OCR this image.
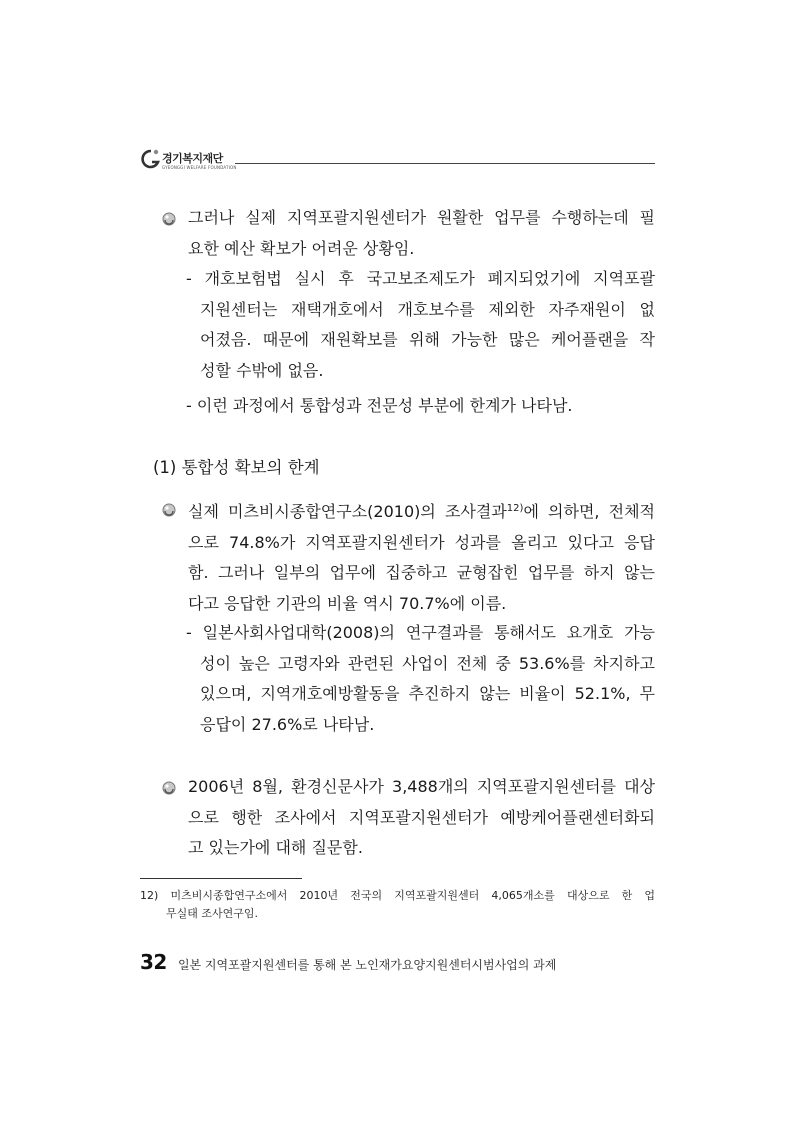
경기복지재단
GYEONGGI WELFARE FOUNDATION
그러나 실제 지역포괄지원센터가 원활한 업무를 수행하는데 필
요한 예산 확보가 어려운 상황임.
- 개호보험법 실시 후 국고보조제도가 폐지되었기에 지역포괄
지원센터는 재택개호에서 개호보수를 제외한 자주재원이 없
어졌음. 때문에 재원확보를 위해 가능한 많은 케어플랜을 작
성할 수밖에 없음.
- 이런 과정에서 통합성과 전문성 부분에 한계가 나타남.
(1) 통합성 확보의 한계
실제 미츠비시종합연구소(2010)의 조사결과$^{12)}$에 의하면, 전체적
으로 74.8%가 지역포괄지원센터가 성과를 올리고 있다고 응답
함. 그러나 일부의 업무에 집중하고 균형잡힌 업무를 하지 않는
다고 응답한 기관의 비율 역시 70.7%에 이름.
- 일본사회사업대학(2008)의 연구결과를 통해서도 요개호 가능
성이 높은 고령자와 관련된 사업이 전체 중 53.6%를 차지하고
있으며, 지역개호예방활동을 추진하지 않는 비율이 52.1%, 무
응답이 27.6%로 나타남.
2006년 8월, 환경신문사가 3,488개의 지역포괄지원센터를 대상
으로 행한 조사에서 지역포괄지원센터가 예방케어플랜센터화되
고 있는가에 대해 질문함.
12) 미츠비시종합연구소에서 2010년 전국의 지역포괄지원센터 4,065개소를 대상으로 한 업
무실태 조사연구임.
32 일본 지역포괄지원센터를 통해 본 노인재가요양지원센터시범사업의 과제
